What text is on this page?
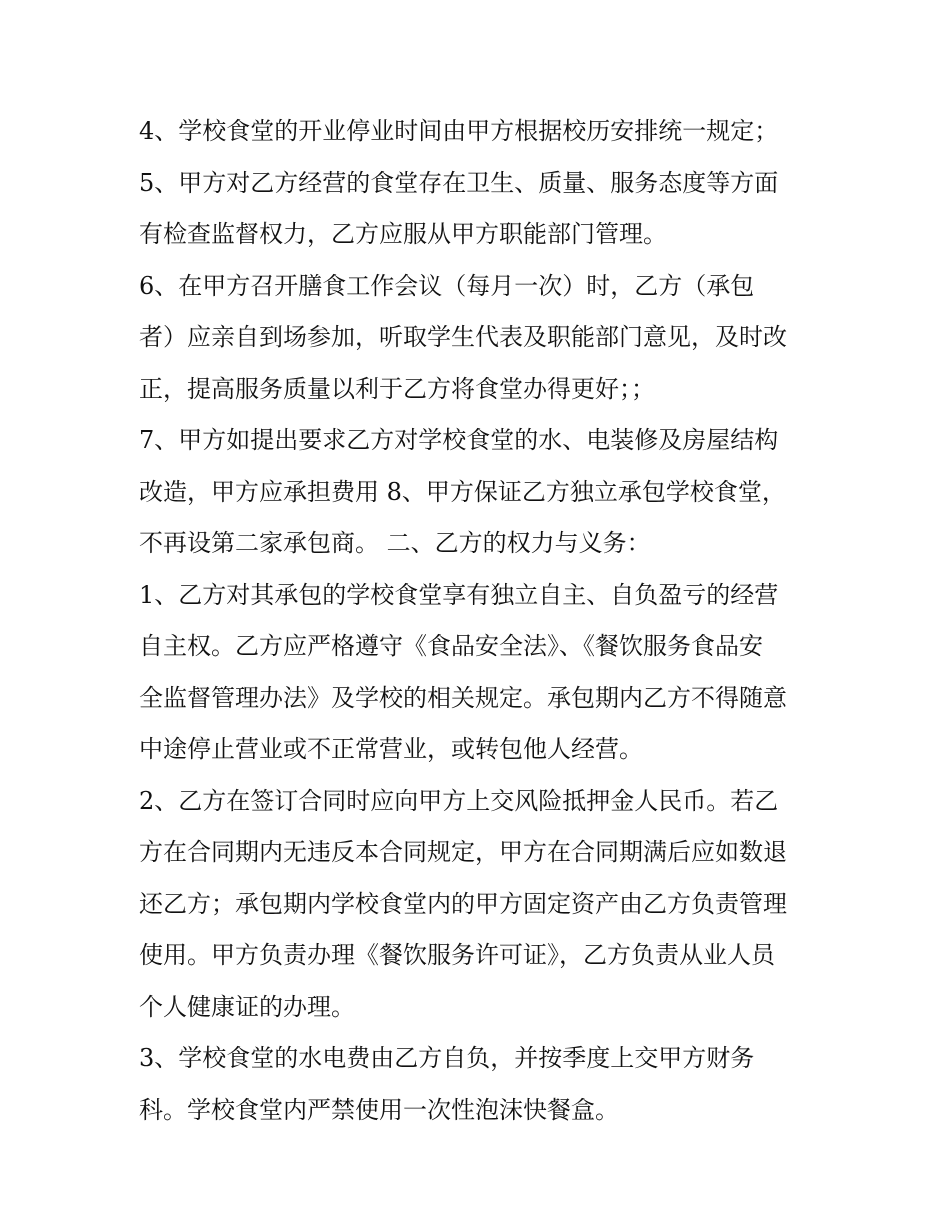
4、学校食堂的开业停业时间由甲方根据校历安排统一规定；
5、甲方对乙方经营的食堂存在卫生、质量、服务态度等方面
有检查监督权力，乙方应服从甲方职能部门管理。
6、在甲方召开膳食工作会议（每月一次）时，乙方（承包
者）应亲自到场参加，听取学生代表及职能部门意见，及时改
正，提高服务质量以利于乙方将食堂办得更好；；
7、甲方如提出要求乙方对学校食堂的水、电装修及房屋结构
改造，甲方应承担费用 8、甲方保证乙方独立承包学校食堂，
不再设第二家承包商。 二、乙方的权力与义务：
1、乙方对其承包的学校食堂享有独立自主、自负盈亏的经营
自主权。乙方应严格遵守《食品安全法》、《餐饮服务食品安
全监督管理办法》及学校的相关规定。承包期内乙方不得随意
中途停止营业或不正常营业，或转包他人经营。
2、乙方在签订合同时应向甲方上交风险抵押金人民币。若乙
方在合同期内无违反本合同规定，甲方在合同期满后应如数退
还乙方；承包期内学校食堂内的甲方固定资产由乙方负责管理
使用。甲方负责办理《餐饮服务许可证》，乙方负责从业人员
个人健康证的办理。
3、学校食堂的水电费由乙方自负，并按季度上交甲方财务
科。学校食堂内严禁使用一次性泡沫快餐盒。
